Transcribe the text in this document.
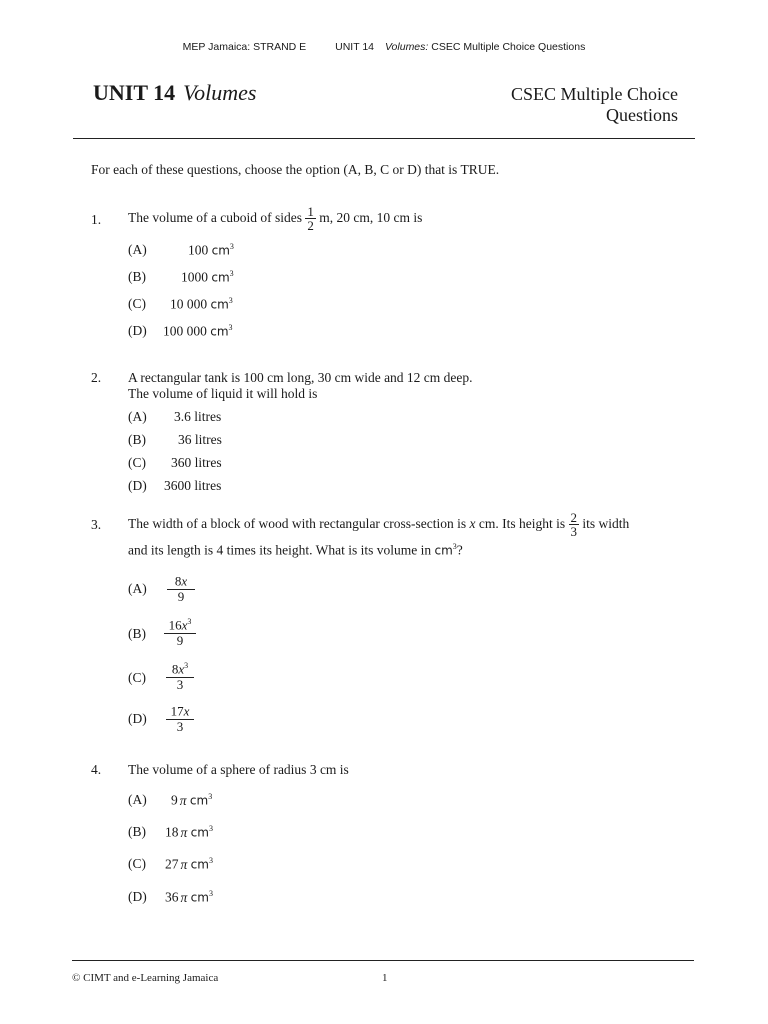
MEP Jamaica: STRAND E	UNIT 14 Volumes: CSEC Multiple Choice Questions
UNIT 14 Volumes	CSEC Multiple Choice
Questions
For each of these questions, choose the option (A, B, C or D) that is TRUE.
1. The volume of a cuboid of sides $\frac{1}{2} m$, 20 cm, 10 cm is
(A)	100 $cm^3$
(B)	1000 $cm^3$
(C) 10 000 $cm^3$
(D) 100 000 $cm^3$
2. A rectangular tank is 100 cm long, 30 cm wide and 12 cm deep.
The volume of liquid it will hold is
(A) 3.6 litres
(B) 36 litres
(C) 360 litres
(D) 3600 litres
3. The width of a block of wood with rectangular cross-section is x cm. Its height is $\frac{2}{3}$ its width
and its length is 4 times its height. What is its volume in $cm^3$?
(A)
8x
9
(B)
$16x^3$
9
(C)
$8x^3$
3
(D)
17x
3
4. The volume of a sphere of radius 3 cm is
(A) 9 π $cm^3$
(B) 18 π $cm^3$
(C) 27 π $cm^3$
(D) 36 π $cm^3$
© CIMT and e-Learning Jamaica	1
